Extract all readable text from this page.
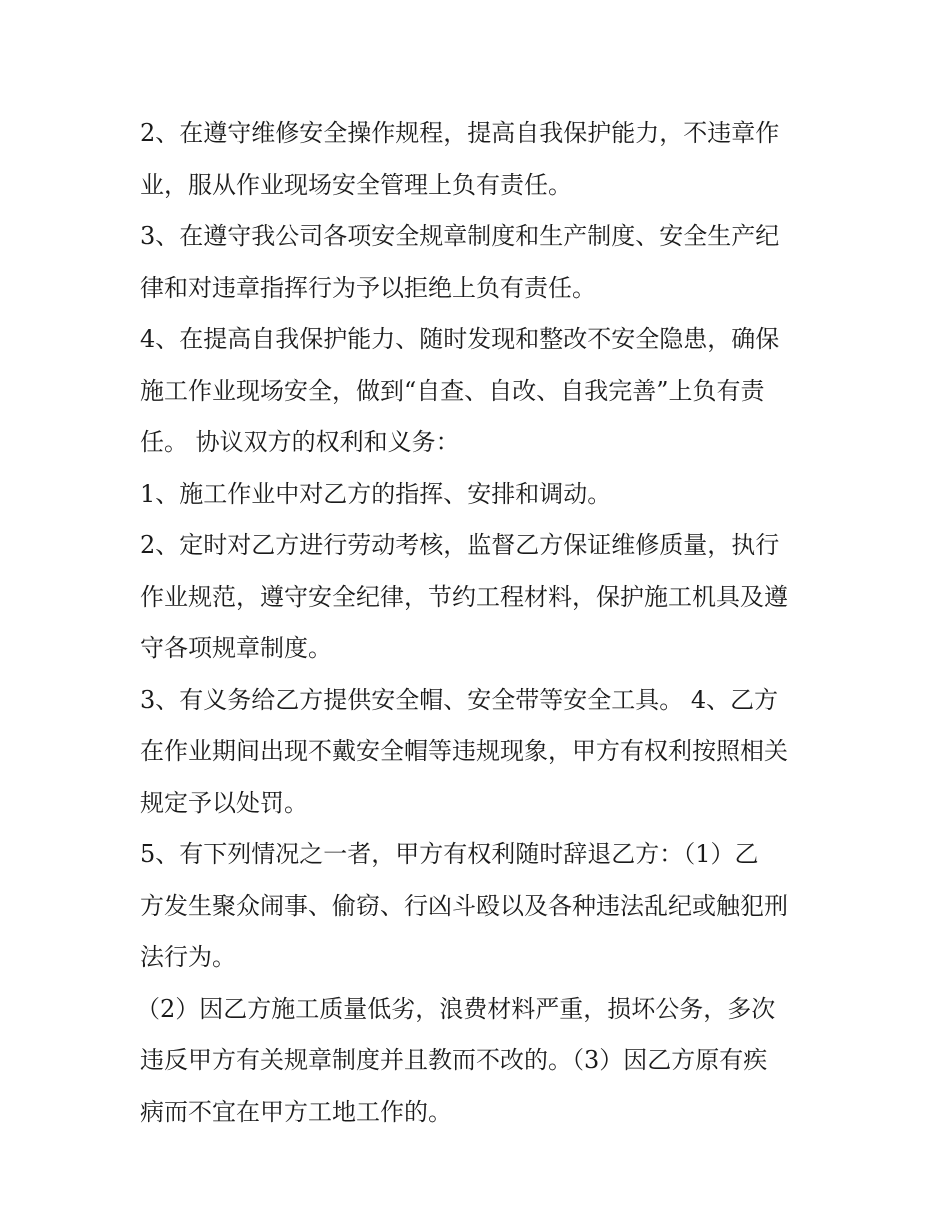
2、在遵守维修安全操作规程，提高自我保护能力，不违章作
业，服从作业现场安全管理上负有责任。
3、在遵守我公司各项安全规章制度和生产制度、安全生产纪
律和对违章指挥行为予以拒绝上负有责任。
4、在提高自我保护能力、随时发现和整改不安全隐患，确保
施工作业现场安全，做到“自查、自改、自我完善”上负有责
任。 协议双方的权利和义务：
1、施工作业中对乙方的指挥、安排和调动。
2、定时对乙方进行劳动考核，监督乙方保证维修质量，执行
作业规范，遵守安全纪律，节约工程材料，保护施工机具及遵
守各项规章制度。
3、有义务给乙方提供安全帽、安全带等安全工具。 4、乙方
在作业期间出现不戴安全帽等违规现象，甲方有权利按照相关
规定予以处罚。
5、有下列情况之一者，甲方有权利随时辞退乙方：（1）乙
方发生聚众闹事、偷窃、行凶斗殴以及各种违法乱纪或触犯刑
法行为。
（2）因乙方施工质量低劣，浪费材料严重，损坏公务，多次
违反甲方有关规章制度并且教而不改的。（3）因乙方原有疾
病而不宜在甲方工地工作的。
